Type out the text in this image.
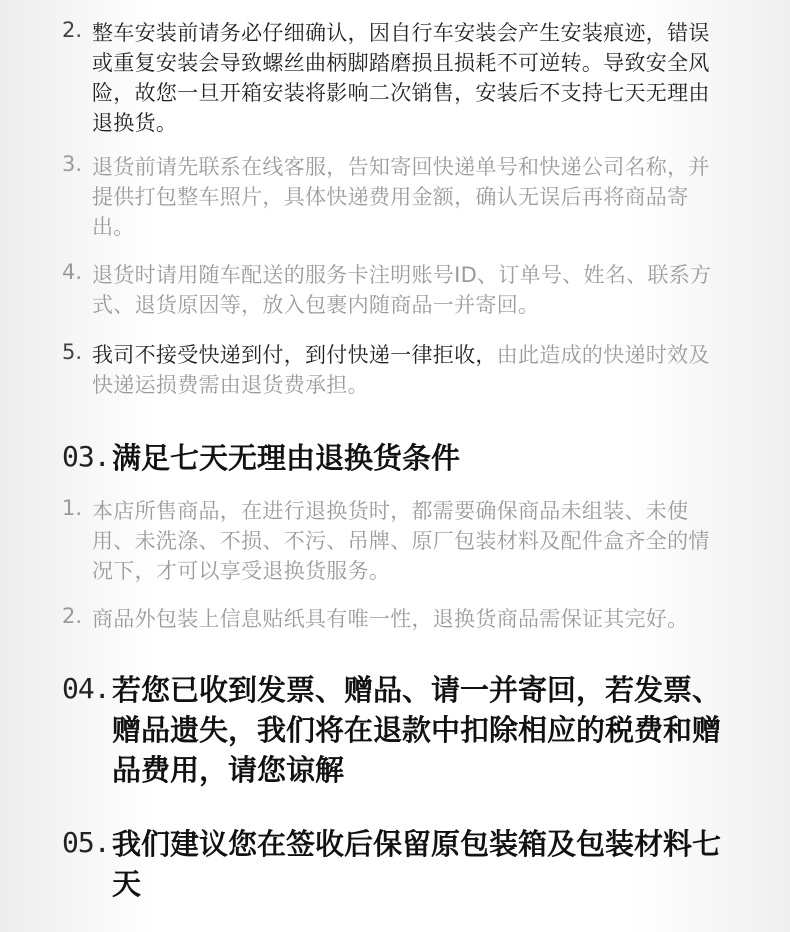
2. 整车安装前请务必仔细确认，因自行车安装会产生安装痕迹，错误或重复安装会导致螺丝曲柄脚踏磨损且损耗不可逆转。导致安全风险，故您一旦开箱安装将影响二次销售，安装后不支持七天无理由退换货。
3. 退货前请先联系在线客服，告知寄回快递单号和快递公司名称，并提供打包整车照片，具体快递费用金额，确认无误后再将商品寄出。
4. 退货时请用随车配送的服务卡注明账号ID、订单号、姓名、联系方式、退货原因等，放入包裹内随商品一并寄回。
5. 我司不接受快递到付，到付快递一律拒收，由此造成的快递时效及快递运损费需由退货费承担。
03. 满足七天无理由退换货条件
1. 本店所售商品，在进行退换货时，都需要确保商品未组装、未使用、未洗涤、不损、不污、吊牌、原厂包装材料及配件盒齐全的情况下，才可以享受退换货服务。
2. 商品外包装上信息贴纸具有唯一性，退换货商品需保证其完好。
04. 若您已收到发票、赠品、请一并寄回，若发票、赠品遗失，我们将在退款中扣除相应的税费和赠品费用，请您谅解
05. 我们建议您在签收后保留原包装箱及包装材料七天
